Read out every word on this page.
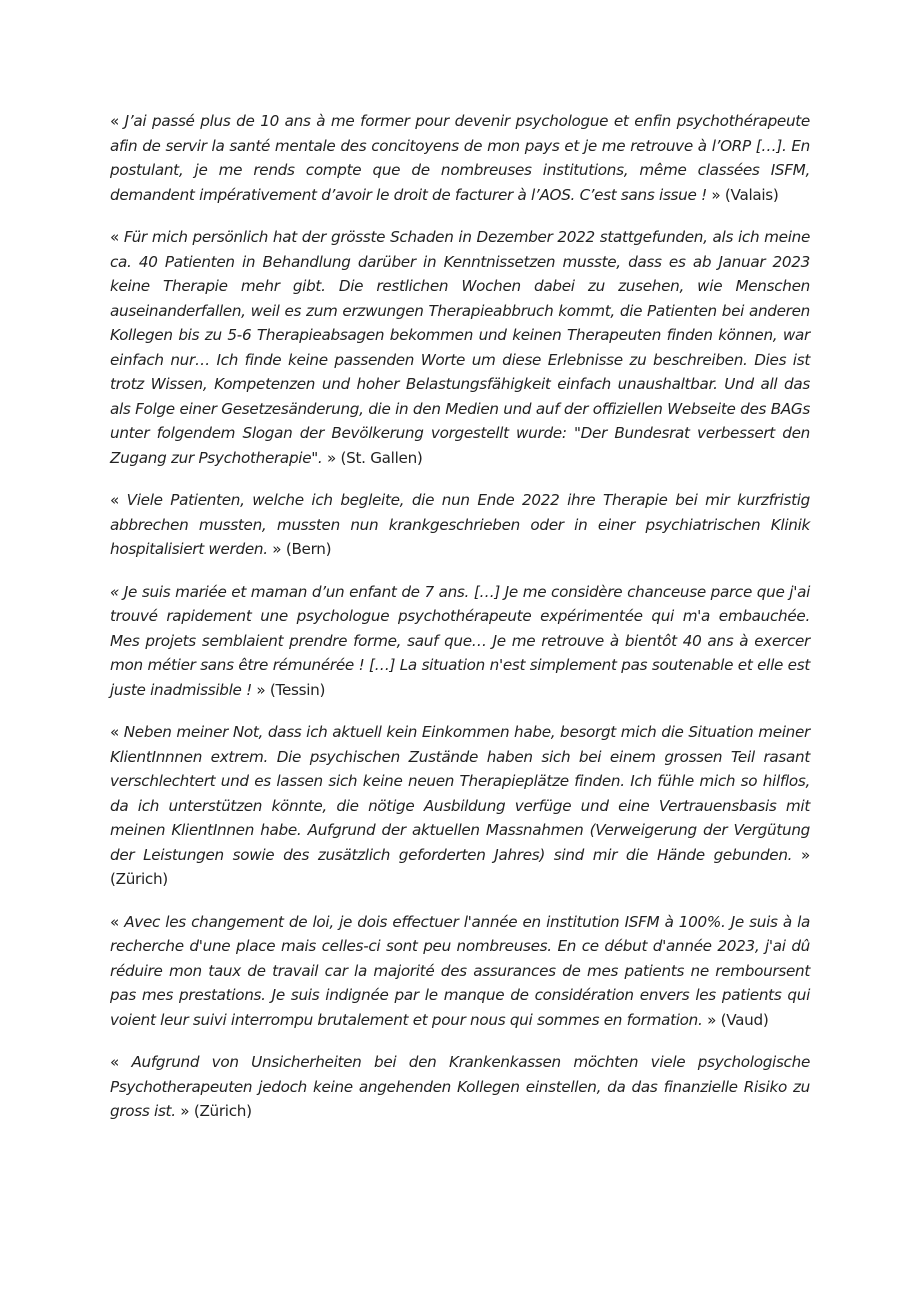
« J’ai passé plus de 10 ans à me former pour devenir psychologue et enfin psychothérapeute afin de servir la santé mentale des concitoyens de mon pays et je me retrouve à l’ORP […]. En postulant, je me rends compte que de nombreuses institutions, même classées ISFM, demandent impérativement d’avoir le droit de facturer à l’AOS. C’est sans issue ! » (Valais)

« Für mich persönlich hat der grösste Schaden in Dezember 2022 stattgefunden, als ich meine ca. 40 Patienten in Behandlung darüber in Kenntnissetzen musste, dass es ab Januar 2023 keine Therapie mehr gibt. Die restlichen Wochen dabei zu zusehen, wie Menschen auseinanderfallen, weil es zum erzwungen Therapieabbruch kommt, die Patienten bei anderen Kollegen bis zu 5-6 Therapieabsagen bekommen und keinen Therapeuten finden können, war einfach nur… Ich finde keine passenden Worte um diese Erlebnisse zu beschreiben. Dies ist trotz Wissen, Kompetenzen und hoher Belastungsfähigkeit einfach unaushaltbar. Und all das als Folge einer Gesetzesänderung, die in den Medien und auf der offiziellen Webseite des BAGs unter folgendem Slogan der Bevölkerung vorgestellt wurde: "Der Bundesrat verbessert den Zugang zur Psychotherapie". » (St. Gallen)

« Viele Patienten, welche ich begleite, die nun Ende 2022 ihre Therapie bei mir kurzfristig abbrechen mussten, mussten nun krankgeschrieben oder in einer psychiatrischen Klinik hospitalisiert werden. » (Bern)

« Je suis mariée et maman d’un enfant de 7 ans. […] Je me considère chanceuse parce que j'ai trouvé rapidement une psychologue psychothérapeute expérimentée qui m'a embauchée. Mes projets semblaient prendre forme, sauf que… Je me retrouve à bientôt 40 ans à exercer mon métier sans être rémunérée ! […] La situation n'est simplement pas soutenable et elle est juste inadmissible ! » (Tessin)

« Neben meiner Not, dass ich aktuell kein Einkommen habe, besorgt mich die Situation meiner KlientInnnen extrem. Die psychischen Zustände haben sich bei einem grossen Teil rasant verschlechtert und es lassen sich keine neuen Therapieplätze finden. Ich fühle mich so hilflos, da ich unterstützen könnte, die nötige Ausbildung verfüge und eine Vertrauensbasis mit meinen KlientInnen habe. Aufgrund der aktuellen Massnahmen (Verweigerung der Vergütung der Leistungen sowie des zusätzlich geforderten Jahres) sind mir die Hände gebunden. » (Zürich)

« Avec les changement de loi, je dois effectuer l'année en institution ISFM à 100%. Je suis à la recherche d'une place mais celles-ci sont peu nombreuses. En ce début d'année 2023, j'ai dû réduire mon taux de travail car la majorité des assurances de mes patients ne remboursent pas mes prestations. Je suis indignée par le manque de considération envers les patients qui voient leur suivi interrompu brutalement et pour nous qui sommes en formation. » (Vaud)

« Aufgrund von Unsicherheiten bei den Krankenkassen möchten viele psychologische Psychotherapeuten jedoch keine angehenden Kollegen einstellen, da das finanzielle Risiko zu gross ist. » (Zürich)
